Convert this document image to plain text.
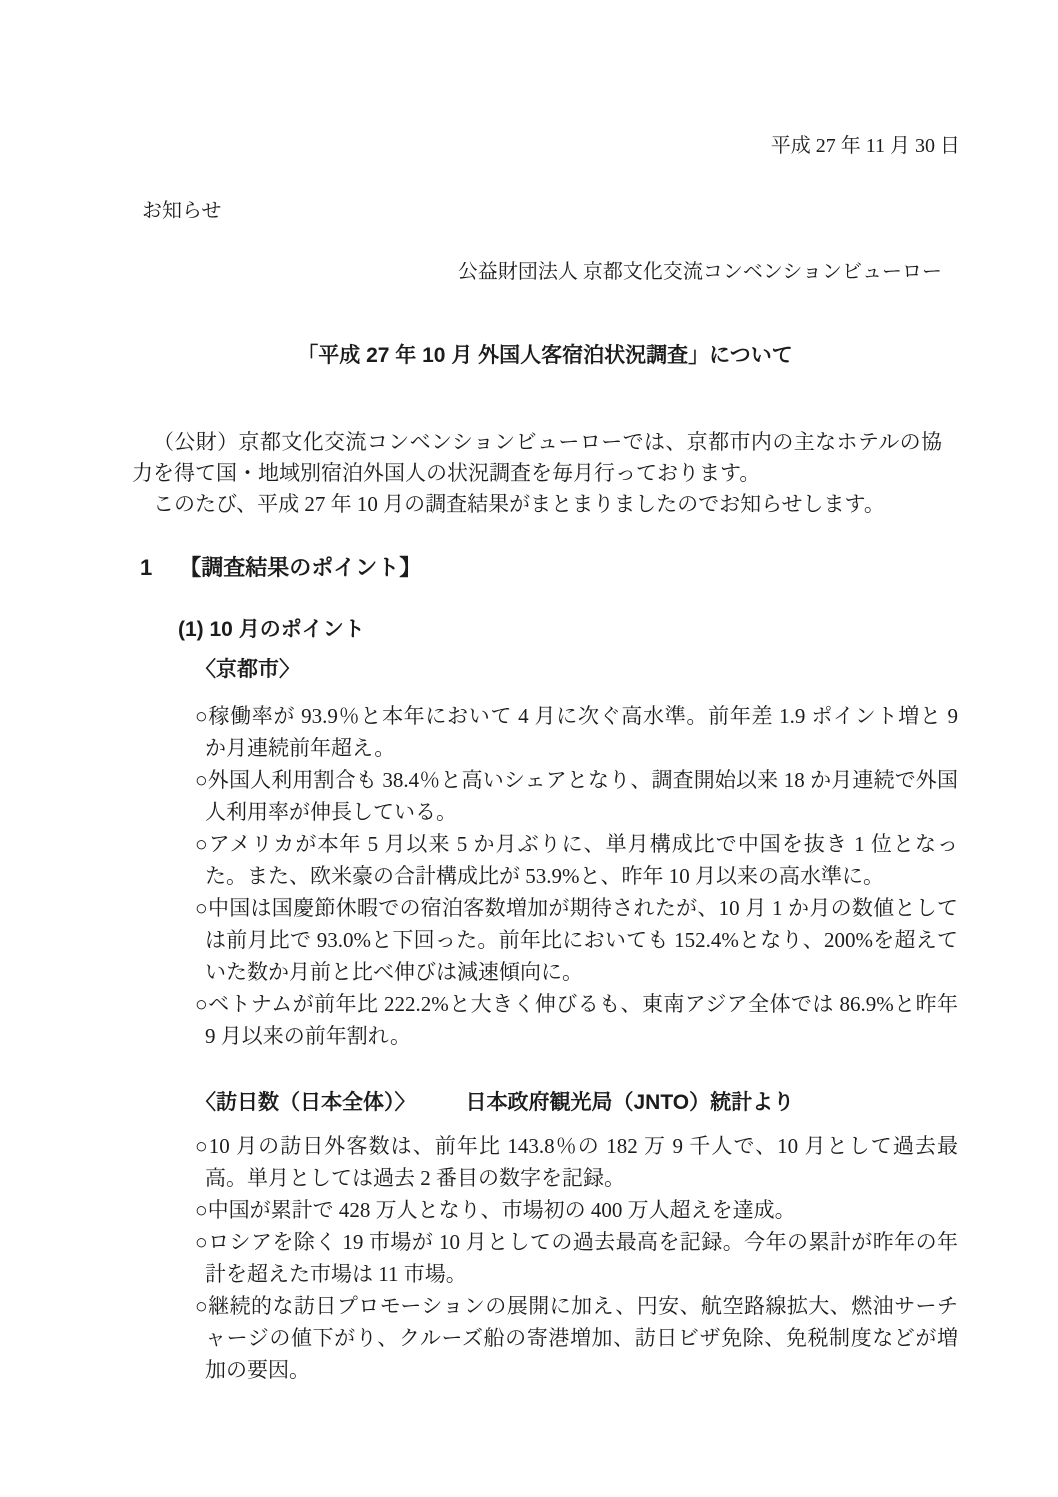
平成 27 年 11 月 30 日
お知らせ
公益財団法人 京都文化交流コンベンションビューロー
「平成 27 年 10 月 外国人客宿泊状況調査」について

（公財）京都文化交流コンベンションビューローでは、京都市内の主なホテルの協力を得て国・地域別宿泊外国人の状況調査を毎月行っております。

このたび、平成 27 年 10 月の調査結果がまとまりましたのでお知らせします。

1 【調査結果のポイント】
(1) 10 月のポイント
〈京都市〉

○稼働率が 93.9％と本年において 4 月に次ぐ高水準。前年差 1.9 ポイント増と 9 か月連続前年超え。

○外国人利用割合も 38.4％と高いシェアとなり、調査開始以来 18 か月連続で外国人利用率が伸長している。

○アメリカが本年 5 月以来 5 か月ぶりに、単月構成比で中国を抜き 1 位となった。また、欧米豪の合計構成比が 53.9%と、昨年 10 月以来の高水準に。

○中国は国慶節休暇での宿泊客数増加が期待されたが、10 月 1 か月の数値としては前月比で 93.0%と下回った。前年比においても 152.4%となり、200%を超えていた数か月前と比べ伸びは減速傾向に。

○ベトナムが前年比 222.2%と大きく伸びるも、東南アジア全体では 86.9%と昨年 9 月以来の前年割れ。

〈訪日数（日本全体）〉 日本政府観光局（JNTO）統計より

○10 月の訪日外客数は、前年比 143.8％の 182 万 9 千人で、10 月として過去最高。単月としては過去 2 番目の数字を記録。

○中国が累計で 428 万人となり、市場初の 400 万人超えを達成。

○ロシアを除く 19 市場が 10 月としての過去最高を記録。今年の累計が昨年の年計を超えた市場は 11 市場。

○継続的な訪日プロモーションの展開に加え、円安、航空路線拡大、燃油サーチャージの値下がり、クルーズ船の寄港増加、訪日ビザ免除、免税制度などが増加の要因。
